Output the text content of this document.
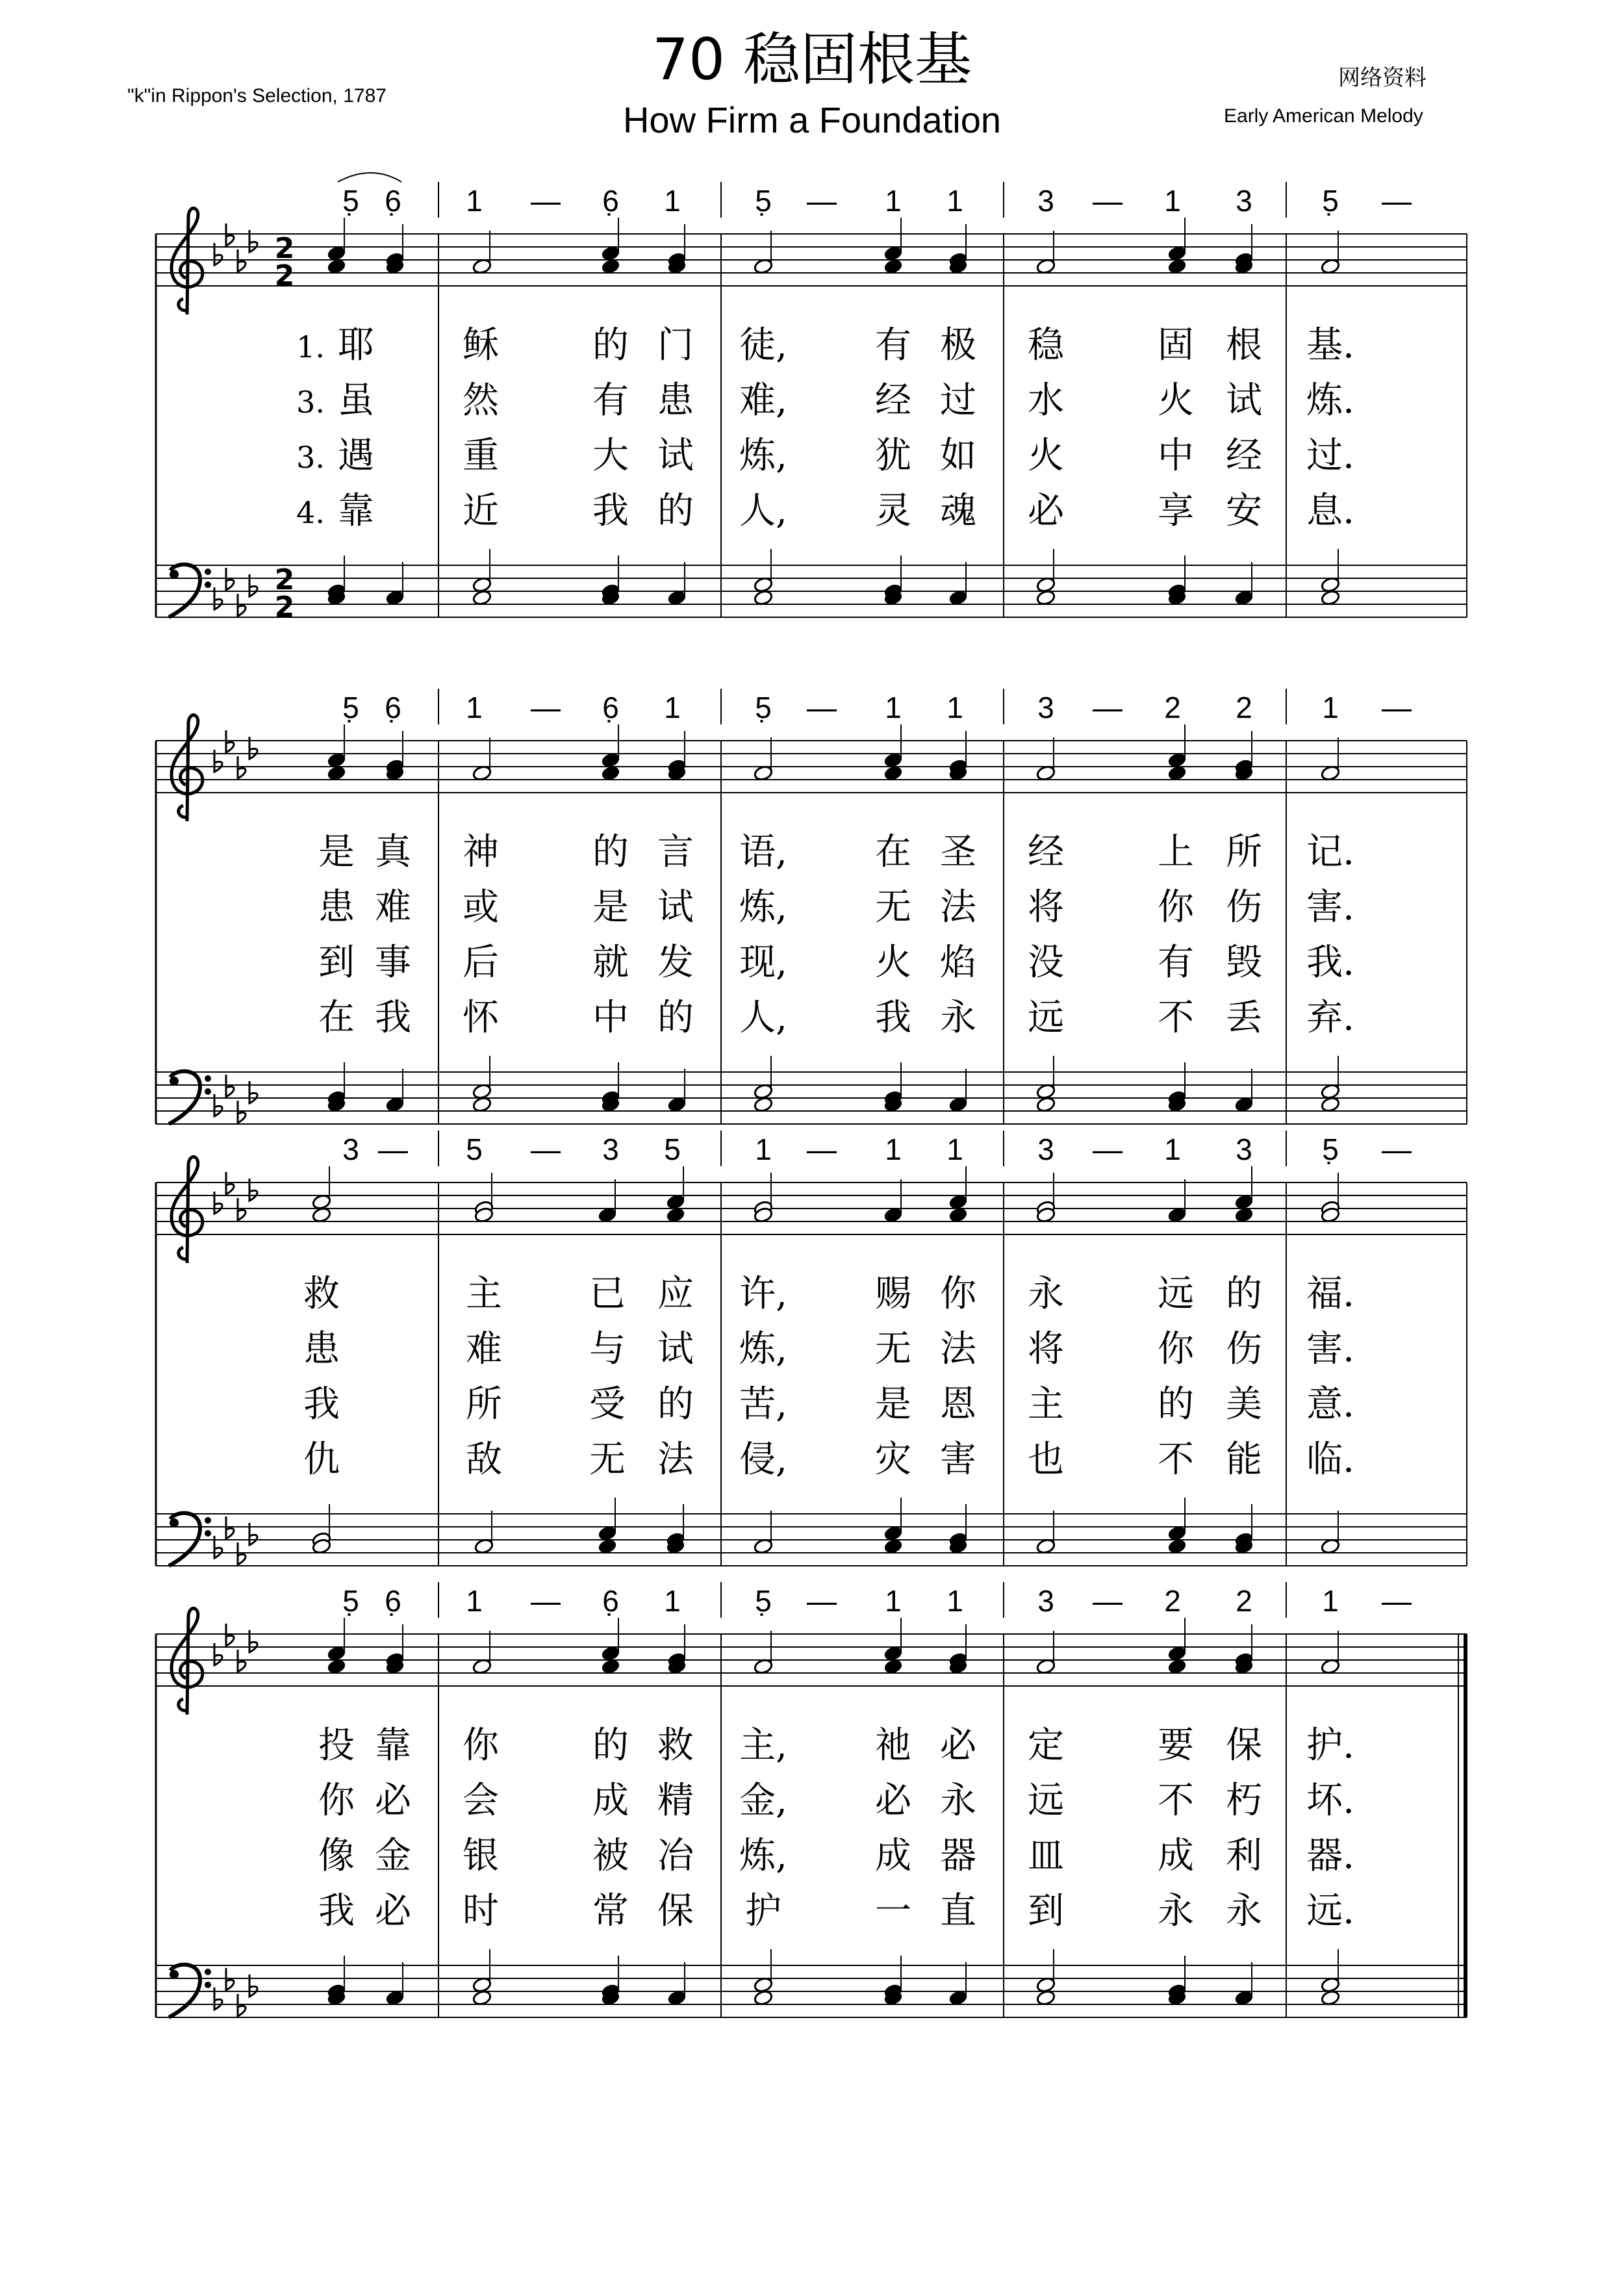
70 稳固根基
How Firm a Foundation
"k"in Rippon's Selection, 1787
网络资料
Early American Melody
5̣ 6̣ 1 — 6̣ 1 5̣ — 1 1 3 — 1 3 5̣ —
2
2
2
2
1. 耶 稣	的 门 徒, 有 极 稳	固 根 基.
3. 虽 然	有 患 难, 经 过 水	火 试 炼.
3. 遇 重	大 试 炼, 犹 如 火	中 经 过.
4. 靠 近	我 的 人, 灵 魂 必	享 安 息.
5̣ 6̣ 1 — 6̣ 1 5̣ — 1 1 3 — 2 2 1 —
是 真 神	的 言 语, 在 圣 经	上 所 记.
患 难 或	是 试 炼, 无 法 将	你 伤 害.
到 事 后	就 发 现, 火 焰 没	有 毁 我.
在 我 怀	中 的 人, 我 永 远	不 丢 弃.
3 — 5 — 3 5 1 — 1 1 3 — 1 3 5̣ —
救	主 已 应 许, 赐 你 永	远 的 福.
患	难 与 试 炼, 无 法 将	你 伤 害.
我	所 受 的 苦, 是 恩 主	的 美 意.
仇	敌 无 法 侵, 灾 害 也	不 能 临.
5̣ 6̣ 1 — 6̣ 1 5̣ — 1 1 3 — 2 2 1 —
投 靠 你	的 救 主, 祂 必 定	要 保 护.
你 必 会	成 精 金, 必 永 远	不 朽 坏.
像 金 银	被 冶 炼, 成 器 皿	成 利 器.
我 必 时	常 保 护	一 直 到	永 永 远.
